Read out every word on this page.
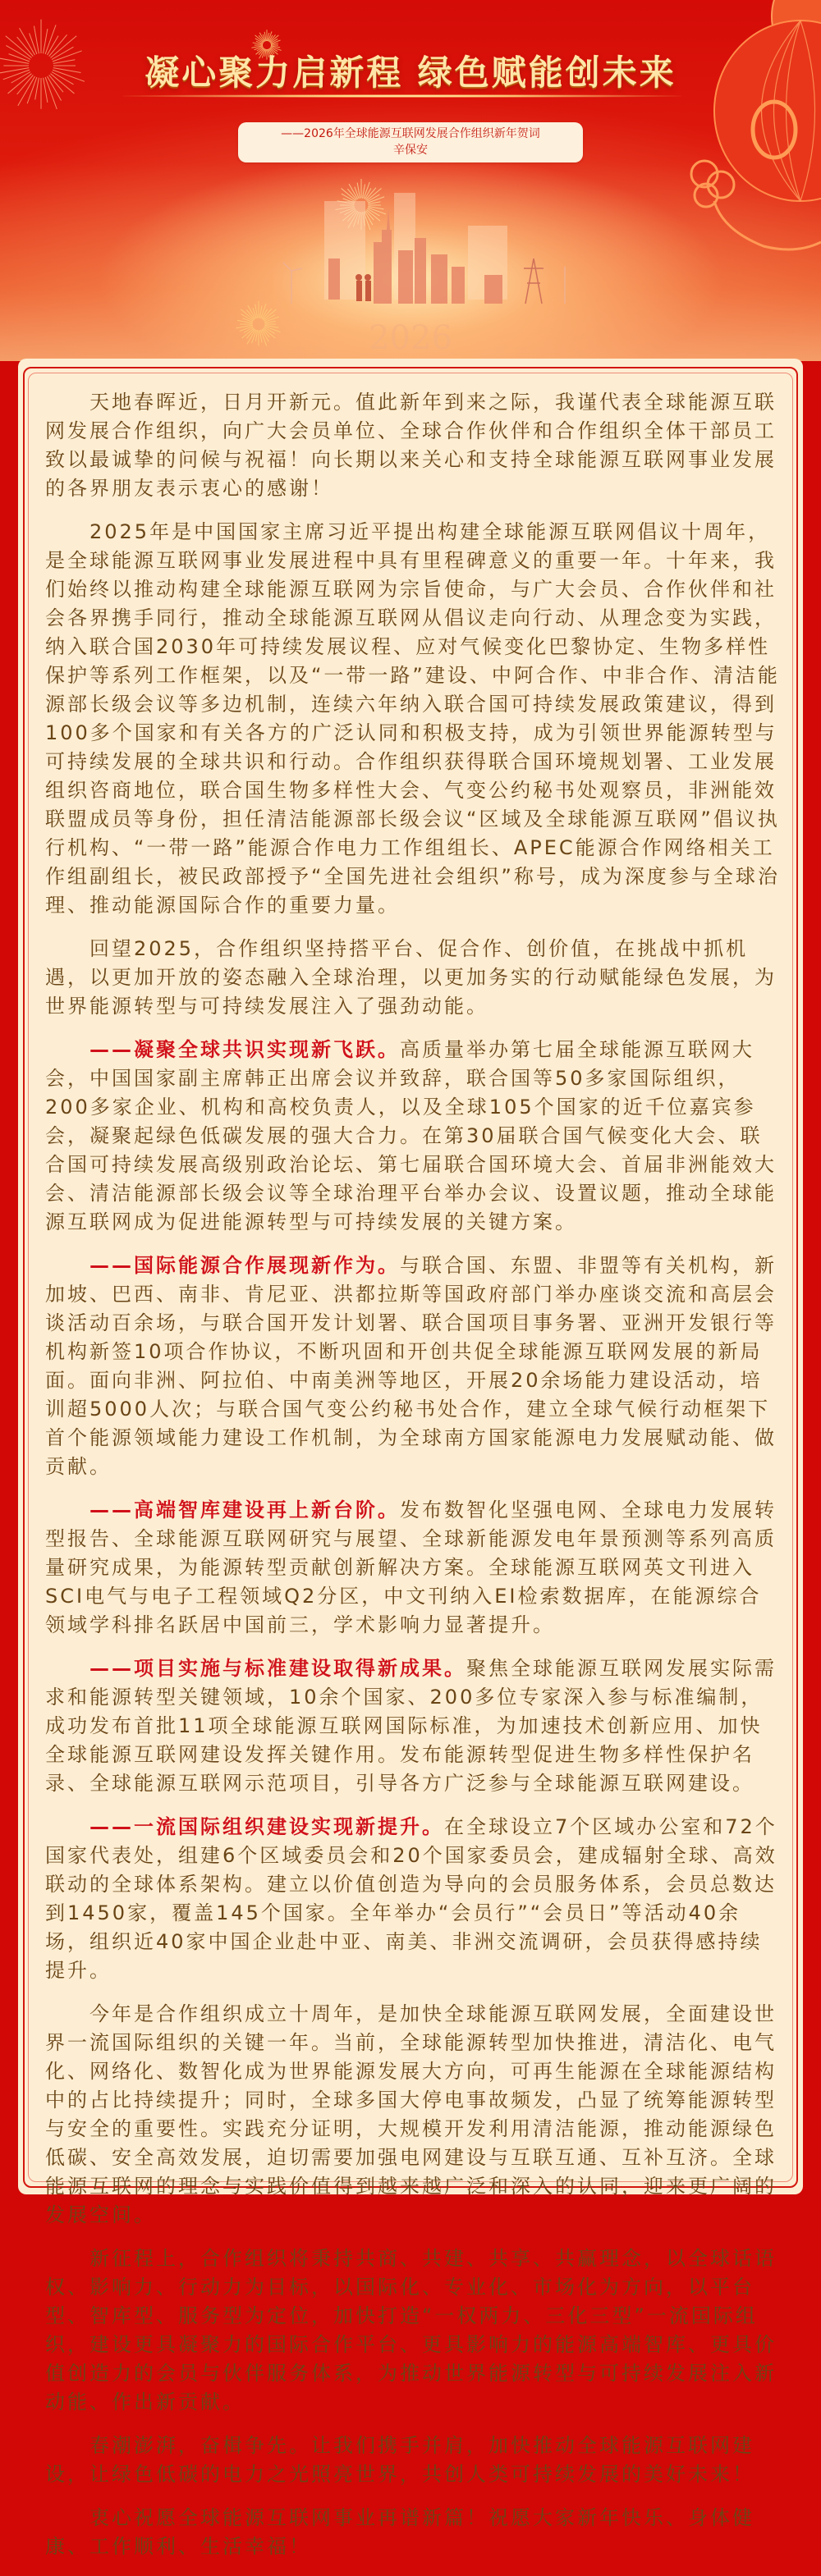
凝心聚力启新程 绿色赋能创未来
——2026年全球能源互联网发展合作组织新年贺词
辛保安
2026

天地春晖近，日月开新元。值此新年到来之际，我谨代表全球能源互联网发展合作组织，向广大会员单位、全球合作伙伴和合作组织全体干部员工致以最诚挚的问候与祝福！向长期以来关心和支持全球能源互联网事业发展的各界朋友表示衷心的感谢！

2025年是中国国家主席习近平提出构建全球能源互联网倡议十周年，是全球能源互联网事业发展进程中具有里程碑意义的重要一年。十年来，我们始终以推动构建全球能源互联网为宗旨使命，与广大会员、合作伙伴和社会各界携手同行，推动全球能源互联网从倡议走向行动、从理念变为实践，纳入联合国2030年可持续发展议程、应对气候变化巴黎协定、生物多样性保护等系列工作框架，以及“一带一路”建设、中阿合作、中非合作、清洁能源部长级会议等多边机制，连续六年纳入联合国可持续发展政策建议，得到100多个国家和有关各方的广泛认同和积极支持，成为引领世界能源转型与可持续发展的全球共识和行动。合作组织获得联合国环境规划署、工业发展组织咨商地位，联合国生物多样性大会、气变公约秘书处观察员，非洲能效联盟成员等身份，担任清洁能源部长级会议“区域及全球能源互联网”倡议执行机构、“一带一路”能源合作电力工作组组长、APEC能源合作网络相关工作组副组长，被民政部授予“全国先进社会组织”称号，成为深度参与全球治理、推动能源国际合作的重要力量。

回望2025，合作组织坚持搭平台、促合作、创价值，在挑战中抓机遇，以更加开放的姿态融入全球治理，以更加务实的行动赋能绿色发展，为世界能源转型与可持续发展注入了强劲动能。

——凝聚全球共识实现新飞跃。高质量举办第七届全球能源互联网大会，中国国家副主席韩正出席会议并致辞，联合国等50多家国际组织，200多家企业、机构和高校负责人，以及全球105个国家的近千位嘉宾参会，凝聚起绿色低碳发展的强大合力。在第30届联合国气候变化大会、联合国可持续发展高级别政治论坛、第七届联合国环境大会、首届非洲能效大会、清洁能源部长级会议等全球治理平台举办会议、设置议题，推动全球能源互联网成为促进能源转型与可持续发展的关键方案。

——国际能源合作展现新作为。与联合国、东盟、非盟等有关机构，新加坡、巴西、南非、肯尼亚、洪都拉斯等国政府部门举办座谈交流和高层会谈活动百余场，与联合国开发计划署、联合国项目事务署、亚洲开发银行等机构新签10项合作协议，不断巩固和开创共促全球能源互联网发展的新局面。面向非洲、阿拉伯、中南美洲等地区，开展20余场能力建设活动，培训超5000人次；与联合国气变公约秘书处合作，建立全球气候行动框架下首个能源领域能力建设工作机制，为全球南方国家能源电力发展赋动能、做贡献。

——高端智库建设再上新台阶。发布数智化坚强电网、全球电力发展转型报告、全球能源互联网研究与展望、全球新能源发电年景预测等系列高质量研究成果，为能源转型贡献创新解决方案。全球能源互联网英文刊进入SCI电气与电子工程领域Q2分区，中文刊纳入EI检索数据库，在能源综合领域学科排名跃居中国前三，学术影响力显著提升。

——项目实施与标准建设取得新成果。聚焦全球能源互联网发展实际需求和能源转型关键领域，10余个国家、200多位专家深入参与标准编制，成功发布首批11项全球能源互联网国际标准，为加速技术创新应用、加快全球能源互联网建设发挥关键作用。发布能源转型促进生物多样性保护名录、全球能源互联网示范项目，引导各方广泛参与全球能源互联网建设。

——一流国际组织建设实现新提升。在全球设立7个区域办公室和72个国家代表处，组建6个区域委员会和20个国家委员会，建成辐射全球、高效联动的全球体系架构。建立以价值创造为导向的会员服务体系，会员总数达到1450家，覆盖145个国家。全年举办“会员行”“会员日”等活动40余场，组织近40家中国企业赴中亚、南美、非洲交流调研，会员获得感持续提升。

今年是合作组织成立十周年，是加快全球能源互联网发展，全面建设世界一流国际组织的关键一年。当前，全球能源转型加快推进，清洁化、电气化、网络化、数智化成为世界能源发展大方向，可再生能源在全球能源结构中的占比持续提升；同时，全球多国大停电事故频发，凸显了统筹能源转型与安全的重要性。实践充分证明，大规模开发利用清洁能源，推动能源绿色低碳、安全高效发展，迫切需要加强电网建设与互联互通、互补互济。全球能源互联网的理念与实践价值得到越来越广泛和深入的认同，迎来更广阔的发展空间。

新征程上，合作组织将秉持共商、共建、共享、共赢理念，以全球话语权、影响力、行动力为目标，以国际化、专业化、市场化为方向，以平台型、智库型、服务型为定位，加快打造“一权两力、三化三型”一流国际组织，建设更具凝聚力的国际合作平台、更具影响力的能源高端智库、更具价值创造力的会员与伙伴服务体系，为推动世界能源转型与可持续发展注入新动能、作出新贡献。

春潮澎湃，奋楫争先。让我们携手并肩，加快推动全球能源互联网建设，让绿色低碳的电力之光照亮世界，共创人类可持续发展的美好未来！

衷心祝愿全球能源互联网事业再谱新篇！祝愿大家新年快乐、身体健康、工作顺利、生活幸福！
